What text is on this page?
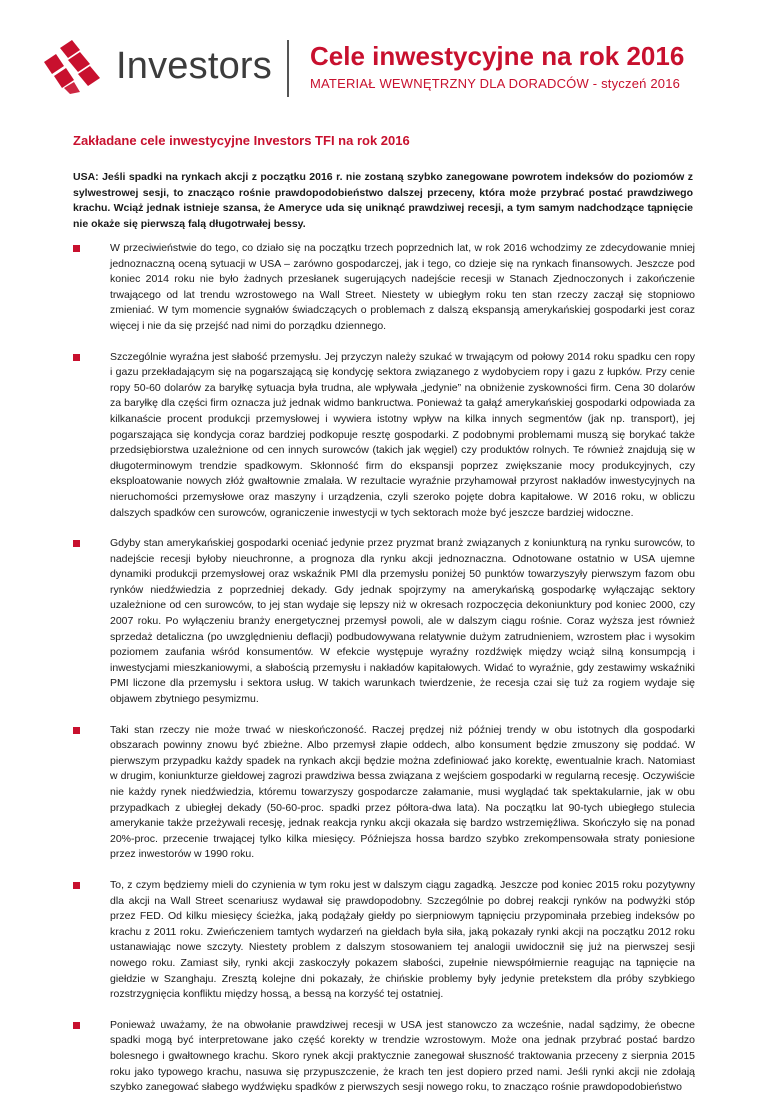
Investors Cele inwestycyjne na rok 2016
MATERIAŁ WEWNĘTRZNY DLA DORADCÓW - styczeń 2016
Zakładane cele inwestycyjne Investors TFI na rok 2016

USA: Jeśli spadki na rynkach akcji z początku 2016 r. nie zostaną szybko zanegowane powrotem indeksów do poziomów z sylwestrowej sesji, to znacząco rośnie prawdopodobieństwo dalszej przeceny, która może przybrać postać prawdziwego krachu. Wciąż jednak istnieje szansa, że Ameryce uda się uniknąć prawdziwej recesji, a tym samym nadchodzące tąpnięcie nie okaże się pierwszą falą długotrwałej bessy.

W przeciwieństwie do tego, co działo się na początku trzech poprzednich lat, w rok 2016 wchodzimy ze zdecydowanie mniej jednoznaczną oceną sytuacji w USA – zarówno gospodarczej, jak i tego, co dzieje się na rynkach finansowych. Jeszcze pod koniec 2014 roku nie było żadnych przesłanek sugerujących nadejście recesji w Stanach Zjednoczonych i zakończenie trwającego od lat trendu wzrostowego na Wall Street. Niestety w ubiegłym roku ten stan rzeczy zaczął się stopniowo zmieniać. W tym momencie sygnałów świadczących o problemach z dalszą ekspansją amerykańskiej gospodarki jest coraz więcej i nie da się przejść nad nimi do porządku dziennego.
Szczególnie wyraźna jest słabość przemysłu. Jej przyczyn należy szukać w trwającym od połowy 2014 roku spadku cen ropy i gazu przekładającym się na pogarszającą się kondycję sektora związanego z wydobyciem ropy i gazu z łupków. Przy cenie ropy 50-60 dolarów za baryłkę sytuacja była trudna, ale wpływała „jedynie” na obniżenie zyskowności firm. Cena 30 dolarów za baryłkę dla części firm oznacza już jednak widmo bankructwa. Ponieważ ta gałąź amerykańskiej gospodarki odpowiada za kilkanaście procent produkcji przemysłowej i wywiera istotny wpływ na kilka innych segmentów (jak np. transport), jej pogarszająca się kondycja coraz bardziej podkopuje resztę gospodarki. Z podobnymi problemami muszą się borykać także przedsiębiorstwa uzależnione od cen innych surowców (takich jak węgiel) czy produktów rolnych. Te również znajdują się w długoterminowym trendzie spadkowym. Skłonność firm do ekspansji poprzez zwiększanie mocy produkcyjnych, czy eksploatowanie nowych złóż gwałtownie zmalała. W rezultacie wyraźnie przyhamował przyrost nakładów inwestycyjnych na nieruchomości przemysłowe oraz maszyny i urządzenia, czyli szeroko pojęte dobra kapitałowe. W 2016 roku, w obliczu dalszych spadków cen surowców, ograniczenie inwestycji w tych sektorach może być jeszcze bardziej widoczne.
Gdyby stan amerykańskiej gospodarki oceniać jedynie przez pryzmat branż związanych z koniunkturą na rynku surowców, to nadejście recesji byłoby nieuchronne, a prognoza dla rynku akcji jednoznaczna. Odnotowane ostatnio w USA ujemne dynamiki produkcji przemysłowej oraz wskaźnik PMI dla przemysłu poniżej 50 punktów towarzyszyły pierwszym fazom obu rynków niedźwiedzia z poprzedniej dekady. Gdy jednak spojrzymy na amerykańską gospodarkę wyłączając sektory uzależnione od cen surowców, to jej stan wydaje się lepszy niż w okresach rozpoczęcia dekoniunktury pod koniec 2000, czy 2007 roku. Po wyłączeniu branży energetycznej przemysł powoli, ale w dalszym ciągu rośnie. Coraz wyższa jest również sprzedaż detaliczna (po uwzględnieniu deflacji) podbudowywana relatywnie dużym zatrudnieniem, wzrostem płac i wysokim poziomem zaufania wśród konsumentów. W efekcie występuje wyraźny rozdźwięk między wciąż silną konsumpcją i inwestycjami mieszkaniowymi, a słabością przemysłu i nakładów kapitałowych. Widać to wyraźnie, gdy zestawimy wskaźniki PMI liczone dla przemysłu i sektora usług. W takich warunkach twierdzenie, że recesja czai się tuż za rogiem wydaje się objawem zbytniego pesymizmu.
Taki stan rzeczy nie może trwać w nieskończoność. Raczej prędzej niż później trendy w obu istotnych dla gospodarki obszarach powinny znowu być zbieżne. Albo przemysł złapie oddech, albo konsument będzie zmuszony się poddać. W pierwszym przypadku każdy spadek na rynkach akcji będzie można zdefiniować jako korektę, ewentualnie krach. Natomiast w drugim, koniunkturze giełdowej zagrozi prawdziwa bessa związana z wejściem gospodarki w regularną recesję. Oczywiście nie każdy rynek niedźwiedzia, któremu towarzyszy gospodarcze załamanie, musi wyglądać tak spektakularnie, jak w obu przypadkach z ubiegłej dekady (50-60-proc. spadki przez półtora-dwa lata). Na początku lat 90-tych ubiegłego stulecia amerykanie także przeżywali recesję, jednak reakcja rynku akcji okazała się bardzo wstrzemięźliwa. Skończyło się na ponad 20%-proc. przecenie trwającej tylko kilka miesięcy. Późniejsza hossa bardzo szybko zrekompensowała straty poniesione przez inwestorów w 1990 roku.
To, z czym będziemy mieli do czynienia w tym roku jest w dalszym ciągu zagadką. Jeszcze pod koniec 2015 roku pozytywny dla akcji na Wall Street scenariusz wydawał się prawdopodobny. Szczególnie po dobrej reakcji rynków na podwyżki stóp przez FED. Od kilku miesięcy ścieżka, jaką podążały giełdy po sierpniowym tąpnięciu przypominała przebieg indeksów po krachu z 2011 roku. Zwieńczeniem tamtych wydarzeń na giełdach była siła, jaką pokazały rynki akcji na początku 2012 roku ustanawiając nowe szczyty. Niestety problem z dalszym stosowaniem tej analogii uwidocznił się już na pierwszej sesji nowego roku. Zamiast siły, rynki akcji zaskoczyły pokazem słabości, zupełnie niewspółmiernie reagując na tąpnięcie na giełdzie w Szanghaju. Zresztą kolejne dni pokazały, że chińskie problemy były jedynie pretekstem dla próby szybkiego rozstrzygnięcia konfliktu między hossą, a bessą na korzyść tej ostatniej.
Ponieważ uważamy, że na obwołanie prawdziwej recesji w USA jest stanowczo za wcześnie, nadal sądzimy, że obecne spadki mogą być interpretowane jako część korekty w trendzie wzrostowym. Może ona jednak przybrać postać bardzo bolesnego i gwałtownego krachu. Skoro rynek akcji praktycznie zanegował słuszność traktowania przeceny z sierpnia 2015 roku jako typowego krachu, nasuwa się przypuszczenie, że krach ten jest dopiero przed nami. Jeśli rynki akcji nie zdołają szybko zanegować słabego wydźwięku spadków z pierwszych sesji nowego roku, to znacząco rośnie prawdopodobieństwo
